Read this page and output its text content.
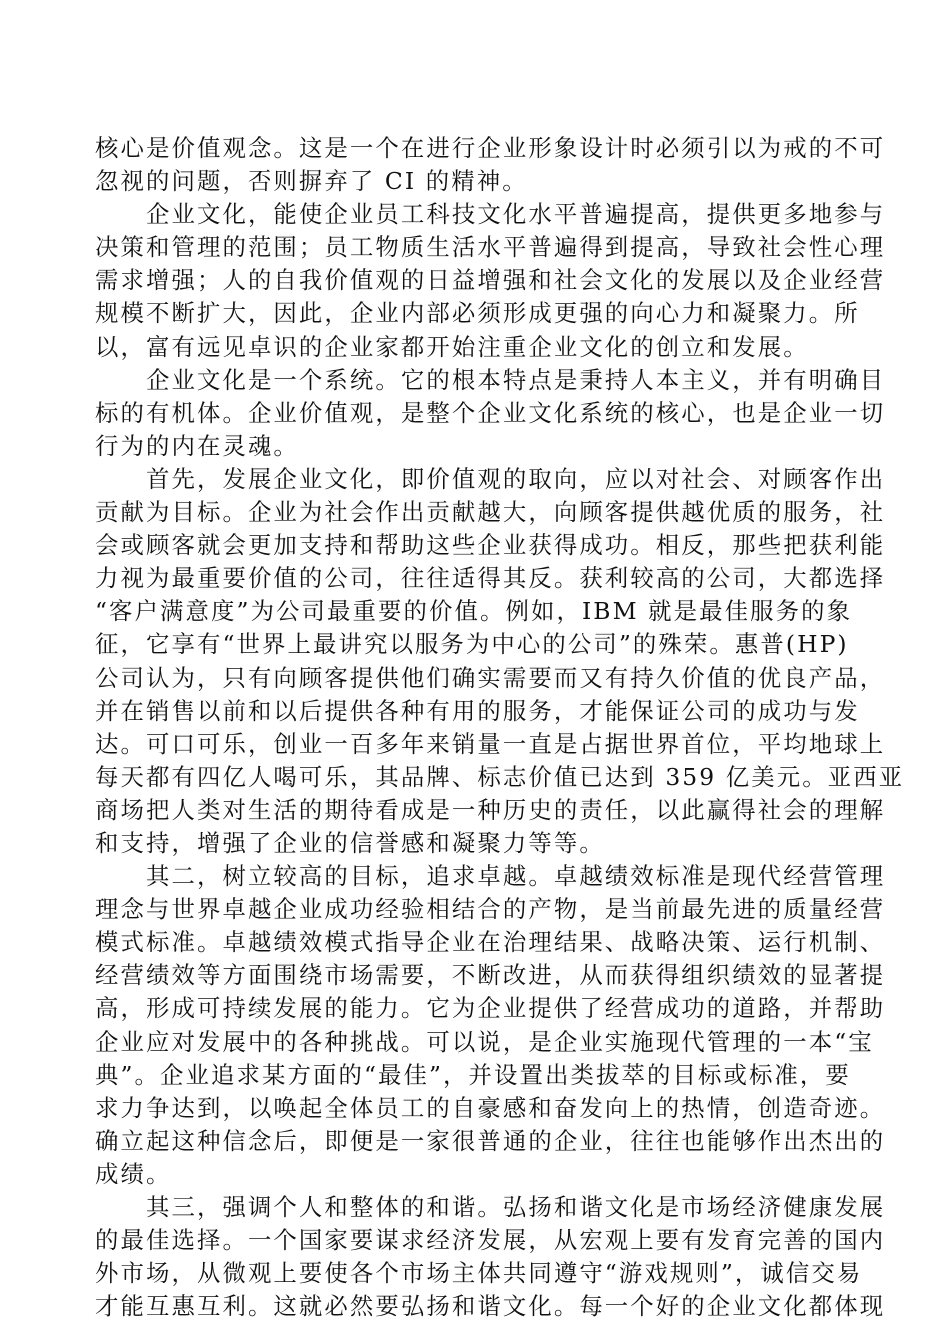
核心是价值观念。这是一个在进行企业形象设计时必须引以为戒的不可
忽视的问题，否则摒弃了 CI 的精神。
　　企业文化，能使企业员工科技文化水平普遍提高，提供更多地参与
决策和管理的范围；员工物质生活水平普遍得到提高，导致社会性心理
需求增强；人的自我价值观的日益增强和社会文化的发展以及企业经营
规模不断扩大，因此，企业内部必须形成更强的向心力和凝聚力。所
以，富有远见卓识的企业家都开始注重企业文化的创立和发展。
　　企业文化是一个系统。它的根本特点是秉持人本主义，并有明确目
标的有机体。企业价值观，是整个企业文化系统的核心，也是企业一切
行为的内在灵魂。
　　首先，发展企业文化，即价值观的取向，应以对社会、对顾客作出
贡献为目标。企业为社会作出贡献越大，向顾客提供越优质的服务，社
会或顾客就会更加支持和帮助这些企业获得成功。相反，那些把获利能
力视为最重要价值的公司，往往适得其反。获利较高的公司，大都选择
“客户满意度”为公司最重要的价值。例如，IBM 就是最佳服务的象
征，它享有“世界上最讲究以服务为中心的公司”的殊荣。惠普(HP)
公司认为，只有向顾客提供他们确实需要而又有持久价值的优良产品，
并在销售以前和以后提供各种有用的服务，才能保证公司的成功与发
达。可口可乐，创业一百多年来销量一直是占据世界首位，平均地球上
每天都有四亿人喝可乐，其品牌、标志价值已达到 359 亿美元。亚西亚
商场把人类对生活的期待看成是一种历史的责任，以此赢得社会的理解
和支持，增强了企业的信誉感和凝聚力等等。
　　其二，树立较高的目标，追求卓越。卓越绩效标准是现代经营管理
理念与世界卓越企业成功经验相结合的产物，是当前最先进的质量经营
模式标准。卓越绩效模式指导企业在治理结果、战略决策、运行机制、
经营绩效等方面围绕市场需要，不断改进，从而获得组织绩效的显著提
高，形成可持续发展的能力。它为企业提供了经营成功的道路，并帮助
企业应对发展中的各种挑战。可以说，是企业实施现代管理的一本“宝
典”。企业追求某方面的“最佳”，并设置出类拔萃的目标或标准，要
求力争达到，以唤起全体员工的自豪感和奋发向上的热情，创造奇迹。
确立起这种信念后，即便是一家很普通的企业，往往也能够作出杰出的
成绩。
　　其三，强调个人和整体的和谐。弘扬和谐文化是市场经济健康发展
的最佳选择。一个国家要谋求经济发展，从宏观上要有发育完善的国内
外市场，从微观上要使各个市场主体共同遵守“游戏规则”，诚信交易
才能互惠互利。这就必然要弘扬和谐文化。每一个好的企业文化都体现
